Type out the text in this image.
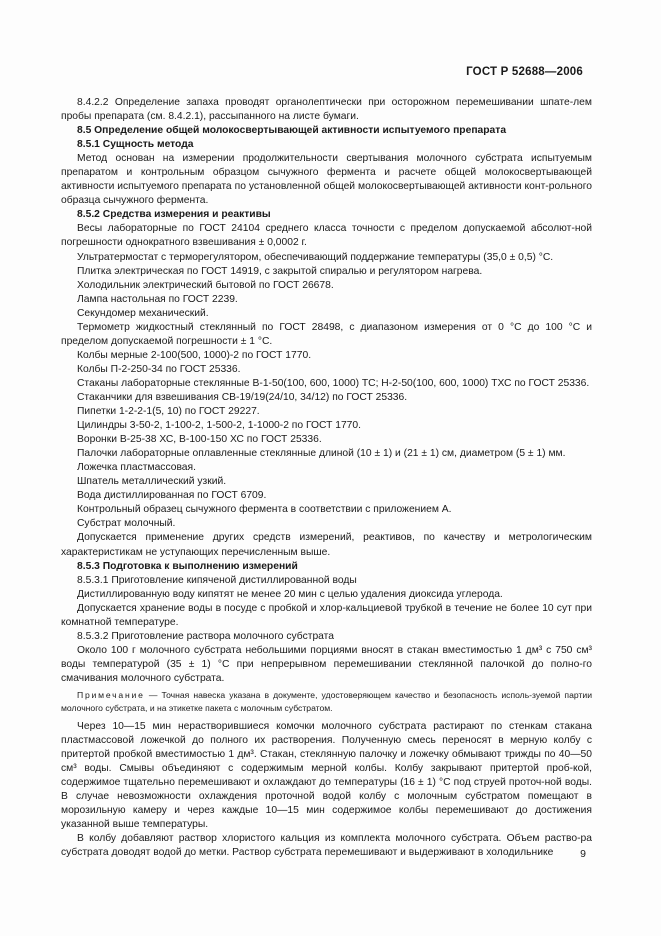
ГОСТ Р 52688—2006

8.4.2.2 Определение запаха проводят органолептически при осторожном перемешивании шпате-лем пробы препарата (см. 8.4.2.1), рассыпанного на листе бумаги.

8.5 Определение общей молокосвертывающей активности испытуемого препарата

8.5.1 Сущность метода

Метод основан на измерении продолжительности свертывания молочного субстрата испытуемым препаратом и контрольным образцом сычужного фермента и расчете общей молокосвертывающей активности испытуемого препарата по установленной общей молокосвертывающей активности конт-рольного образца сычужного фермента.

8.5.2 Средства измерения и реактивы

Весы лабораторные по ГОСТ 24104 среднего класса точности с пределом допускаемой абсолют-ной погрешности однократного взвешивания ± 0,0002 г.

Ультратермостат с терморегулятором, обеспечивающий поддержание температуры (35,0 ± 0,5) °С.

Плитка электрическая по ГОСТ 14919, с закрытой спиралью и регулятором нагрева.

Холодильник электрический бытовой по ГОСТ 26678.

Лампа настольная по ГОСТ 2239.

Секундомер механический.

Термометр жидкостный стеклянный по ГОСТ 28498, с диапазоном измерения от 0 °С до 100 °С и пределом допускаемой погрешности ± 1 °С.

Колбы мерные 2-100(500, 1000)-2 по ГОСТ 1770.

Колбы П-2-250-34 по ГОСТ 25336.

Стаканы лабораторные стеклянные В-1-50(100, 600, 1000) ТС; Н-2-50(100, 600, 1000) ТХС по ГОСТ 25336.

Стаканчики для взвешивания СВ-19/19(24/10, 34/12) по ГОСТ 25336.

Пипетки 1-2-2-1(5, 10) по ГОСТ 29227.

Цилиндры 3-50-2, 1-100-2, 1-500-2, 1-1000-2 по ГОСТ 1770.

Воронки В-25-38 ХС, В-100-150 ХС по ГОСТ 25336.

Палочки лабораторные оплавленные стеклянные длиной (10 ± 1) и (21 ± 1) см, диаметром (5 ± 1) мм.

Ложечка пластмассовая.

Шпатель металлический узкий.

Вода дистиллированная по ГОСТ 6709.

Контрольный образец сычужного фермента в соответствии с приложением А.

Субстрат молочный.

Допускается применение других средств измерений, реактивов, по качеству и метрологическим характеристикам не уступающих перечисленным выше.

8.5.3 Подготовка к выполнению измерений

8.5.3.1 Приготовление кипяченой дистиллированной воды

Дистиллированную воду кипятят не менее 20 мин с целью удаления диоксида углерода.

Допускается хранение воды в посуде с пробкой и хлор-кальциевой трубкой в течение не более 10 сут при комнатной температуре.

8.5.3.2 Приготовление раствора молочного субстрата

Около 100 г молочного субстрата небольшими порциями вносят в стакан вместимостью 1 дм³ с 750 см³ воды температурой (35 ± 1) °С при непрерывном перемешивании стеклянной палочкой до полно-го смачивания молочного субстрата.

Примечание — Точная навеска указана в документе, удостоверяющем качество и безопасность исполь-зуемой партии молочного субстрата, и на этикетке пакета с молочным субстратом.

Через 10—15 мин нерастворившиеся комочки молочного субстрата растирают по стенкам стакана пластмассовой ложечкой до полного их растворения. Полученную смесь переносят в мерную колбу с притертой пробкой вместимостью 1 дм³. Стакан, стеклянную палочку и ложечку обмывают трижды по 40—50 см³ воды. Смывы объединяют с содержимым мерной колбы. Колбу закрывают притертой проб-кой, содержимое тщательно перемешивают и охлаждают до температуры (16 ± 1) °С под струей проточ-ной воды. В случае невозможности охлаждения проточной водой колбу с молочным субстратом помещают в морозильную камеру и через каждые 10—15 мин содержимое колбы перемешивают до достижения указанной выше температуры.

В колбу добавляют раствор хлористого кальция из комплекта молочного субстрата. Объем раство-ра субстрата доводят водой до метки. Раствор субстрата перемешивают и выдерживают в холодильнике	9
